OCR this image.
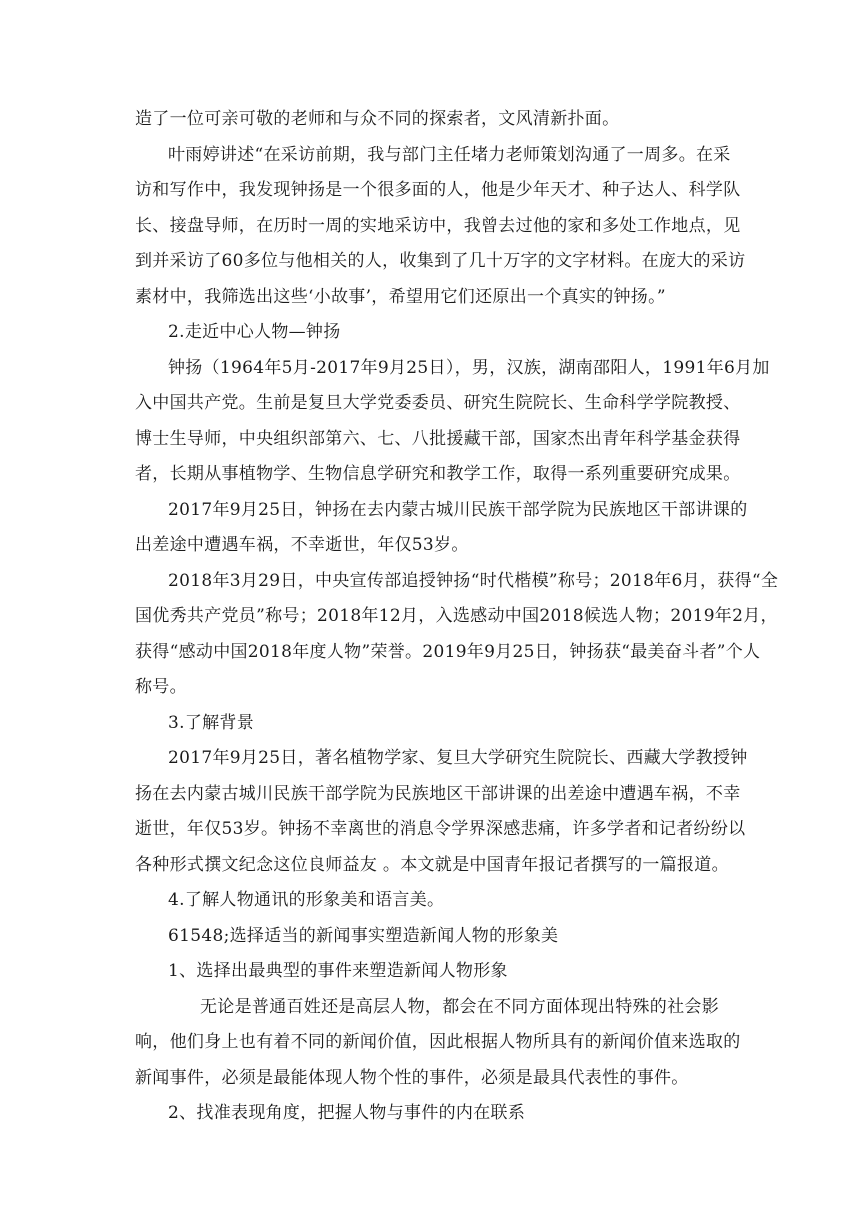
造了一位可亲可敬的老师和与众不同的探索者，文风清新扑面。
叶雨婷讲述“在采访前期，我与部门主任堵力老师策划沟通了一周多。在采
访和写作中，我发现钟扬是一个很多面的人，他是少年天才、种子达人、科学队
长、接盘导师，在历时一周的实地采访中，我曾去过他的家和多处工作地点，见
到并采访了60多位与他相关的人，收集到了几十万字的文字材料。在庞大的采访
素材中，我筛选出这些‘小故事’，希望用它们还原出一个真实的钟扬。”
2.走近中心人物—钟扬
钟扬（1964年5月-2017年9月25日），男，汉族，湖南邵阳人，1991年6月加
入中国共产党。生前是复旦大学党委委员、研究生院院长、生命科学学院教授、
博士生导师，中央组织部第六、七、八批援藏干部，国家杰出青年科学基金获得
者，长期从事植物学、生物信息学研究和教学工作，取得一系列重要研究成果。
2017年9月25日，钟扬在去内蒙古城川民族干部学院为民族地区干部讲课的
出差途中遭遇车祸，不幸逝世，年仅53岁。
2018年3月29日，中央宣传部追授钟扬“时代楷模”称号；2018年6月，获得“全
国优秀共产党员”称号；2018年12月，入选感动中国2018候选人物；2019年2月，
获得“感动中国2018年度人物”荣誉。2019年9月25日，钟扬获“最美奋斗者”个人
称号。
3.了解背景
2017年9月25日，著名植物学家、复旦大学研究生院院长、西藏大学教授钟
扬在去内蒙古城川民族干部学院为民族地区干部讲课的出差途中遭遇车祸，不幸
逝世，年仅53岁。钟扬不幸离世的消息令学界深感悲痛，许多学者和记者纷纷以
各种形式撰文纪念这位良师益友 。本文就是中国青年报记者撰写的一篇报道。
4.了解人物通讯的形象美和语言美。
61548;选择适当的新闻事实塑造新闻人物的形象美
1、选择出最典型的事件来塑造新闻人物形象
无论是普通百姓还是高层人物，都会在不同方面体现出特殊的社会影
响，他们身上也有着不同的新闻价值，因此根据人物所具有的新闻价值来选取的
新闻事件，必须是最能体现人物个性的事件，必须是最具代表性的事件。
2、找准表现角度，把握人物与事件的内在联系
